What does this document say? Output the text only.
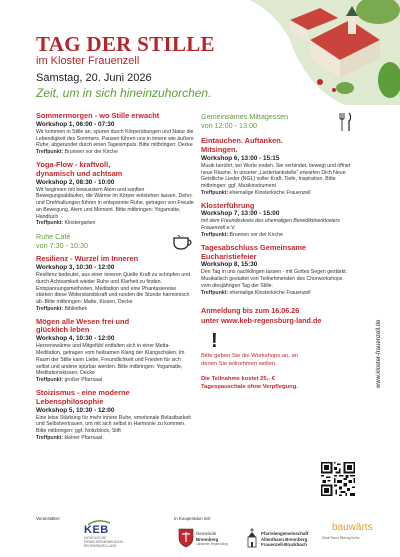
TAG DER STILLE
im Kloster Frauenzell
Samstag, 20. Juni 2026
Zeit, um in sich hineinzuhorchen.
Sommermorgen - wo Stille erwacht
Workshop 1, 06:00 - 07:30
Wir kommen in Stille an, spüren durch Körperübungen und Natur die Lebendigkeit des Sommers. Pausen führen uns in innere wie äußere Ruhe, abgerundet durch einen Tagesimpuls. Bitte mitbringen: Decke
Treffpunkt: Brunnen vor der Kirche
Yoga-Flow - kraftvoll, dynamisch und achtsam
Workshop 2, 08:30 - 10:00
Wir beginnen mit bewusstem Atem und sanften Bewegungsabläufen, die Wärme im Körper entstehen lassen. Dehn- und Drehhaltungen führen in entspannte Ruhe, getragen von Freude an Bewegung, Atem und Moment. Bitte mitbringen: Yogamatte, Handtuch
Treffpunkt: Klostergarten
Ruhe Café
von 7:30 - 10:30
Resilienz - Wurzel im Inneren
Workshop 3, 10:30 - 12:00
Resilienz bedeutet, aus einer inneren Quelle Kraft zu schöpfen und durch Achtsamkeit wieder Ruhe und Klarheit zu finden. Entspannungsmethoden, Meditation und eine Phantasiereise stärken diese Widerstandskraft und runden die Stunde harmonisch ab. Bitte mitbringen: Matte, Kissen, Decke
Treffpunkt: Bibliothek
Mögen alle Wesen frei und glücklich leben
Workshop 4, 10:30 - 12:00
Herzenswärme und Mitgefühl entfalten sich in einer Metta-Meditation, getragen vom heilsamen Klang der Klangschalen. Im Raum der Stille kann Liebe, Freundlichkeit und Frieden für sich selbst und andere spürbar werden. Bitte mitbringen: Yogamatte, Meditationskissen, Decke
Treffpunkt: großer Pfarrsaal
Stoizismus - eine moderne Lebensphilosophie
Workshop 5, 10:30 - 12:00
Eine leise Stärkung für mehr innere Ruhe, emotionale Belastbarkeit und Selbstvertrauen, um mit sich selbst in Harmonie zu kommen. Bitte mitbringen: ggf. Notizblock, Stift
Treffpunkt: kleiner Pfarrsaal
Gemeinsames Mittagessen
von 12:00 - 13:00
Eintauchen. Auftanken. Mitsingen.
Workshop 6, 13:00 - 15:15
Musik berührt, wo Worte enden. Sie verbindet, bewegt und öffnet neue Räume. In unserer „Liedertankstelle" erwarten Dich Neue Geistliche Lieder (NGL) voller Kraft, Tiefe, Inspiration. Bitte mitbringen: ggf. Musikinstrument
Treffpunkt: ehemalige Klosterkirche Frauenzell
Klosterführung
Workshop 7, 13:00 - 15:00
mit dem Freundeskreis des ehemaligen Benediktinerklosters Frauenzell e.V.
Treffpunkt: Brunnen vor der Kirche
Tagesabschluss Gemeinsame Eucharistiefeier
Workshop 8, 15:30
Den Tag in uns nachklingen lassen - mit Gottes Segen gestärkt. Musikalisch gestaltet von Teilnehmenden des Chorworkshops vom diesjährigen Tag der Stille.
Treffpunkt: ehemalige Klosterkirche Frauenzell
Anmeldung bis zum 16.06.26
unter www.keb-regensburg-land.de
!
Bitte geben Sie die Workshops an, an denen Sie teilnehmen wollen.
Die Teilnahme kostet 25,- € Tagespauschale ohne Verpflegung.	www.kloster-frauenzell.de
Veranstalter:	In Kooperation mit:
KEB
KATHOLISCHE ERWACHSENENBILDUNG REGENSBURG LAND
Gemeinde
Brennberg
Landkreis Regensburg
Pfarreiengemeinschaft
Altenthann Brennberg
Frauenzell-Bruckbach
bauwärts
Stadt Raum Bildung Kultur
